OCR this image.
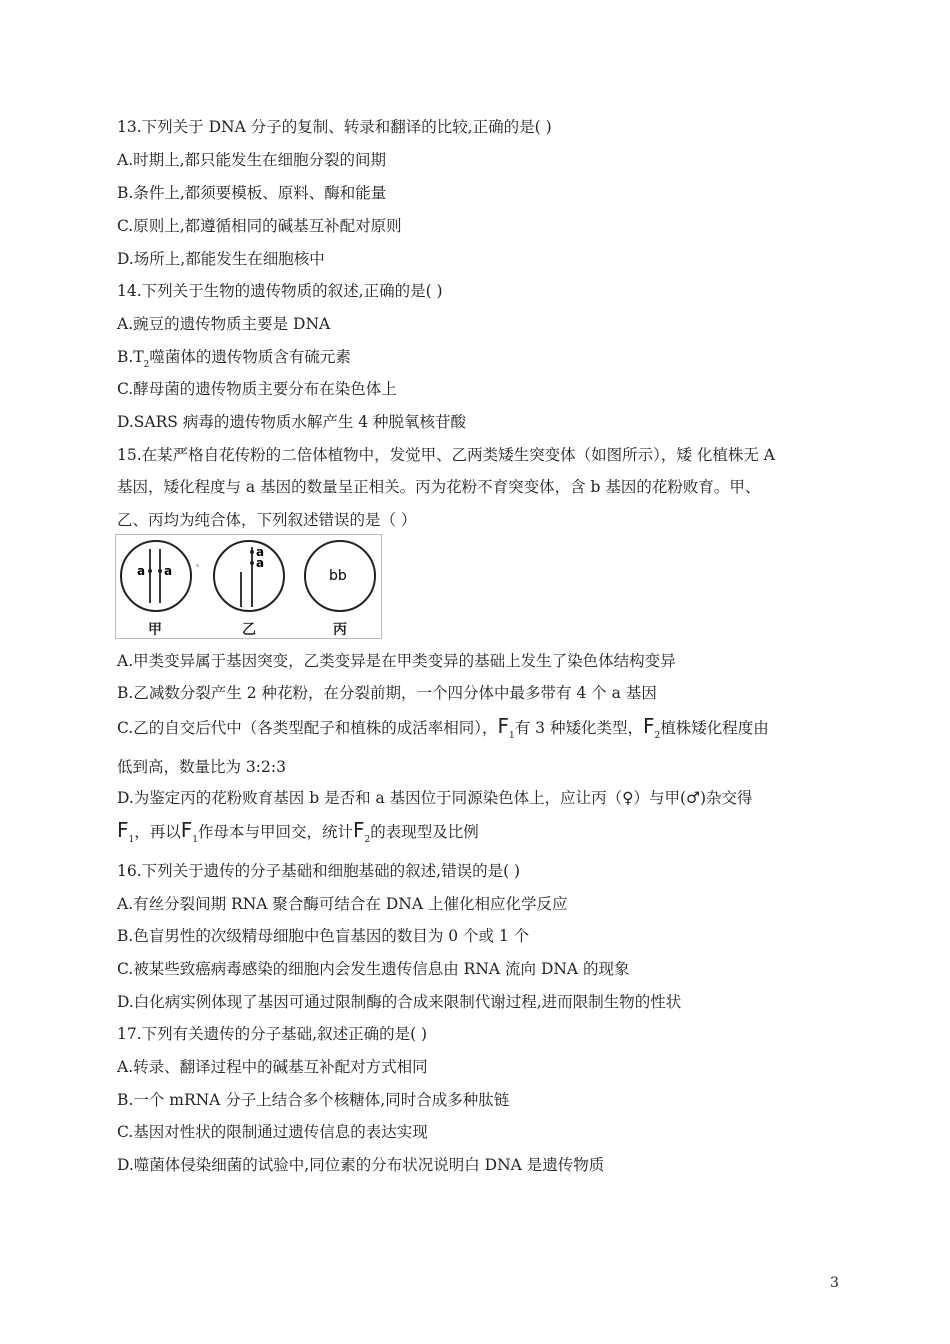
13.下列关于 DNA 分子的复制、转录和翻译的比较,正确的是( )
A.时期上,都只能发生在细胞分裂的间期
B.条件上,都须要模板、原料、酶和能量
C.原则上,都遵循相同的碱基互补配对原则
D.场所上,都能发生在细胞核中
14.下列关于生物的遗传物质的叙述,正确的是( )
A.豌豆的遗传物质主要是 DNA
$B.T_2$噬菌体的遗传物质含有硫元素
C.酵母菌的遗传物质主要分布在染色体上
D.SARS 病毒的遗传物质水解产生 4 种脱氧核苷酸
15.在某严格自花传粉的二倍体植物中，发觉甲、乙两类矮生突变体（如图所示），矮 化植株无 A
基因，矮化程度与 a 基因的数量呈正相关。丙为花粉不育突变体，含 b 基因的花粉败育。甲、
乙、丙均为纯合体，下列叙述错误的是（ ）
a a	◦
a
a
bb
甲	乙	丙
A.甲类变异属于基因突变，乙类变异是在甲类变异的基础上发生了染色体结构变异
B.乙减数分裂产生 2 种花粉，在分裂前期，一个四分体中最多带有 4 个 a 基因
C.乙的自交后代中（各类型配子和植株的成活率相同），$F_1$有 3 种矮化类型，$F_2$植株矮化程度由
低到高，数量比为 3:2:3
D.为鉴定丙的花粉败育基因 b 是否和 a 基因位于同源染色体上，应让丙（♀）与甲(♂)杂交得
$F_1$，再以$F_1$作母本与甲回交，统计$F_2$的表现型及比例
16.下列关于遗传的分子基础和细胞基础的叙述,错误的是( )
A.有丝分裂间期 RNA 聚合酶可结合在 DNA 上催化相应化学反应
B.色盲男性的次级精母细胞中色盲基因的数目为 0 个或 1 个
C.被某些致癌病毒感染的细胞内会发生遗传信息由 RNA 流向 DNA 的现象
D.白化病实例体现了基因可通过限制酶的合成来限制代谢过程,进而限制生物的性状
17.下列有关遗传的分子基础,叙述正确的是( )
A.转录、翻译过程中的碱基互补配对方式相同
B.一个 mRNA 分子上结合多个核糖体,同时合成多种肽链
C.基因对性状的限制通过遗传信息的表达实现
D.噬菌体侵染细菌的试验中,同位素的分布状况说明白 DNA 是遗传物质
3
